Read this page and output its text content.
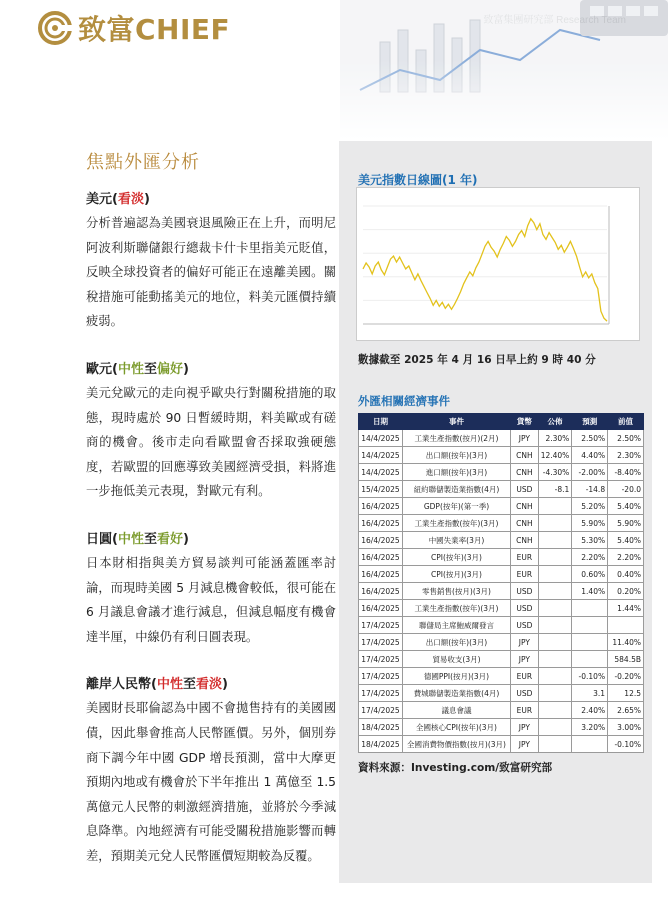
致富CHIEF
焦點外匯分析
美元(看淡)

分析普遍認為美國衰退風險正在上升，而明尼阿波利斯聯儲銀行總裁卡什卡里指美元貶值，反映全球投資者的偏好可能正在遠離美國。關稅措施可能動搖美元的地位，料美元匯價持續疲弱。

歐元(中性至偏好)

美元兌歐元的走向視乎歐央行對關稅措施的取態，現時處於 90 日暫緩時期，料美歐或有磋商的機會。後市走向看歐盟會否採取強硬態度，若歐盟的回應導致美國經濟受損，料將進一步拖低美元表現，對歐元有利。

日圓(中性至看好)

日本財相指與美方貿易談判可能涵蓋匯率討論，而現時美國 5 月減息機會較低，很可能在 6 月議息會議才進行減息，但減息幅度有機會達半厘，中線仍有利日圓表現。

離岸人民幣(中性至看淡)

美國財長耶倫認為中國不會拋售持有的美國國債，因此舉會推高人民幣匯價。另外，個別券商下調今年中國 GDP 增長預測，當中大摩更預期內地或有機會於下半年推出 1 萬億至 1.5 萬億元人民幣的刺激經濟措施，並將於今季減息降準。內地經濟有可能受關稅措施影響而轉差，預期美元兌人民幣匯價短期較為反覆。

美元指數日線圖(1 年)
數據截至 2025 年 4 月 16 日早上約 9 時 40 分
外匯相關經濟事件
日期	事件	貨幣	公佈	預測	前值
14/4/2025	工業生產指數(按月)(2月)	JPY	2.30%	2.50%	2.50%
14/4/2025	出口額(按年)(3月)	CNH	12.40%	4.40%	2.30%
14/4/2025	進口額(按年)(3月)	CNH	-4.30%	-2.00%	-8.40%
15/4/2025	紐約聯儲製造業指數(4月)	USD	-8.1	-14.8	-20.0
16/4/2025	GDP(按年)(第一季)	CNH		5.20%	5.40%
16/4/2025	工業生產指數(按年)(3月)	CNH		5.90%	5.90%
16/4/2025	中國失業率(3月)	CNH		5.30%	5.40%
16/4/2025	CPI(按年)(3月)	EUR		2.20%	2.20%
16/4/2025	CPI(按月)(3月)	EUR		0.60%	0.40%
16/4/2025	零售銷售(按月)(3月)	USD		1.40%	0.20%
16/4/2025	工業生產指數(按年)(3月)	USD			1.44%
17/4/2025	聯儲局主席鮑威爾發言	USD			
17/4/2025	出口額(按年)(3月)	JPY			11.40%
17/4/2025	貿易收支(3月)	JPY			584.5B
17/4/2025	德國PPI(按月)(3月)	EUR		-0.10%	-0.20%
17/4/2025	費城聯儲製造業指數(4月)	USD		3.1	12.5
17/4/2025	議息會議	EUR		2.40%	2.65%
18/4/2025	全國核心CPI(按年)(3月)	JPY		3.20%	3.00%
18/4/2025	全國消費物價指數(按月)(3月)	JPY			-0.10%
資料來源：Investing.com/致富研究部
